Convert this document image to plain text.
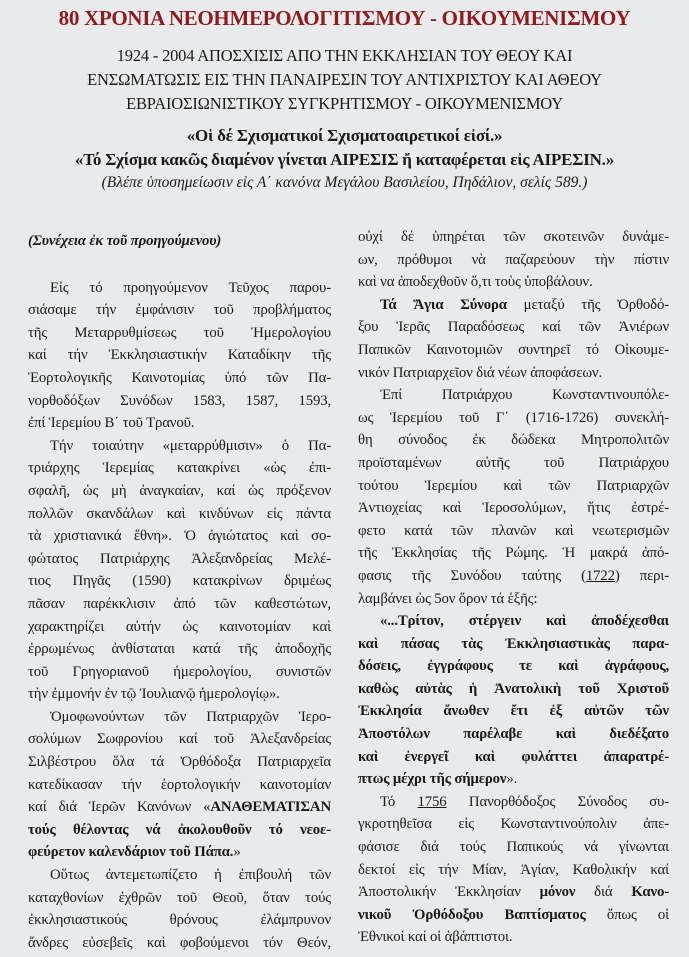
80 ΧΡΟΝΙΑ ΝΕΟΗΜΕΡΟΛΟΓΙΤΙΣΜΟΥ - ΟΙΚΟΥΜΕΝΙΣΜΟΥ
1924 - 2004 ΑΠΟΣΧΙΣΙΣ ΑΠΟ ΤΗΝ ΕΚΚΛΗΣΙΑΝ ΤΟΥ ΘΕΟΥ ΚΑΙ
ΕΝΣΩΜΑΤΩΣΙΣ ΕΙΣ ΤΗΝ ΠΑΝΑΙΡΕΣΙΝ ΤΟΥ ΑΝΤΙΧΡΙΣΤΟΥ ΚΑΙ ΑΘΕΟΥ
ΕΒΡΑΙΟΣΙΩΝΙΣΤΙΚΟΥ ΣΥΓΚΡΗΤΙΣΜΟΥ - ΟΙΚΟΥΜΕΝΙΣΜΟΥ
«Οἱ δέ Σχισματικοί Σχισματοαιρετικοί εἰσί.»
«Τό Σχίσμα κακῶς διαμένον γίνεται ΑΙΡΕΣΙΣ ἤ καταφέρεται εἰς ΑΙΡΕΣΙΝ.»
(Βλέπε ὑποσημείωσιν εἰς Α΄ κανόνα Μεγάλου Βασιλείου, Πηδάλιον, σελίς 589.)
(Συνέχεια ἐκ τοῦ προηγούμενου)
Εἰς τό προηγούμενον Τεῦχος παρου-
σιάσαμε τήν ἐμφάνισιν τοῦ προβλήματος
τῆς Μεταρρυθμίσεως τοῦ Ἡμερολογίου
καί τήν Ἐκκλησιαστικήν Καταδίκην τῆς
Ἑορτολογικῆς Καινοτομίας ὑπό τῶν Πα-
νορθοδόξων Συνόδων 1583, 1587, 1593,
ἐπί Ἱερεμίου Β΄ τοῦ Τρανοῦ.
Τήν τοιαύτην «μεταρρύθμισιν» ὁ Πα-
τριάρχης Ἱερεμίας κατακρίνει «ὡς ἐπι-
σφαλῆ, ὡς μὴ ἀναγκαίαν, καί ὡς πρόξενον
πολλῶν σκανδάλων καὶ κινδύνων εἰς πάντα
τὰ χριστιανικά ἔθνη». Ὁ ἁγιώτατος καὶ σο-
φώτατος Πατριάρχης Ἀλεξανδρείας Μελέ-
τιος Πηγᾶς (1590) κατακρίνων δριμέως
πᾶσαν παρέκκλισιν ἀπό τῶν καθεστώτων,
χαρακτηρίζει αὐτήν ὡς καινοτομίαν καὶ
ἐρρωμένως ἀνθίσταται κατά τῆς ἀποδοχῆς
τοῦ Γρηγοριανοῦ ἡμερολογίου, συνιστῶν
τὴν ἐμμονήν ἐν τῷ Ἰουλιανῷ ἡμερολογίῳ».
Ὁμοφωνούντων τῶν Πατριαρχῶν Ἱερο-
σολύμων Σωφρονίου καί τοῦ Ἀλεξανδρείας
Σιλβέστρου ὅλα τά Ὀρθόδοξα Πατριαρχεῖα
κατεδίκασαν τήν ἑορτολογικήν καινοτομίαν
καί διά Ἱερῶν Κανόνων «ΑΝΑΘΕΜΑΤΙΣΑΝ
τούς θέλοντας νά ἀκολουθοῦν τό νεοε-
φεύρετον καλενδάριον τοῦ Πάπα.»
Οὕτως ἀντεμετωπίζετο ἡ ἐπιβουλή τῶν
καταχθονίων ἐχθρῶν τοῦ Θεοῦ, ὅταν τούς
ἐκκλησιαστικούς θρόνους ἐλάμπρυνον
ἄνδρες εὐσεβεῖς καὶ φοβούμενοι τόν Θεόν,
οὐχί δέ ὑπηρέται τῶν σκοτεινῶν δυνάμε-
ων, πρόθυμοι νὰ παζαρεύουν τὴν πίστιν
καὶ να ἀποδεχθοῦν ὅ,τι τοὺς ὑποβάλουν.
Τά Ἅγια Σύνορα μεταξύ τῆς Ὀρθοδό-
ξου Ἱερᾶς Παραδόσεως καί τῶν Ἀνιέρων
Παπικῶν Καινοτομιῶν συντηρεῖ τό Οἰκουμε-
νικόν Πατριαρχεῖον διά νέων ἀποφάσεων.
Ἐπί Πατριάρχου Κωνσταντινουπόλε-
ως Ἱερεμίου τοῦ Γ΄ (1716-1726) συνεκλή-
θη σύνοδος ἐκ δώδεκα Μητροπολιτῶν
προϊσταμένων αὐτῆς τοῦ Πατριάρχου
τούτου Ἱερεμίου καὶ τῶν Πατριαρχῶν
Ἀντιοχείας καὶ Ἱεροσολύμων, ἥτις ἐστρέ-
φετο κατά τῶν πλανῶν καὶ νεωτερισμῶν
τῆς Ἐκκλησίας τῆς Ρώμης. Ἡ μακρά ἀπό-
φασις τῆς Συνόδου ταύτης (1722) περι-
λαμβάνει ὡς 5ον ὅρον τά ἑξῆς:
«...Τρίτον, στέργειν καὶ ἀποδέχεσθαι
καὶ πάσας τὰς Ἐκκλησιαστικὰς παρα-
δόσεις, ἐγγράφους τε καὶ ἀγράφους,
καθὼς αὐτὰς ἡ Ἀνατολικὴ τοῦ Χριστοῦ
Ἐκκλησία ἄνωθεν ἔτι ἐξ αὐτῶν τῶν
Ἀποστόλων παρέλαβε καὶ διεδέξατο
καὶ ἐνεργεῖ καὶ φυλάττει ἀπαρατρέ-
πτως μέχρι τῆς σήμερον».
Τό 1756 Πανορθόδοξος Σύνοδος συ-
γκροτηθεῖσα εἰς Κωνσταντινούπολιν ἀπε-
φάσισε διά τούς Παπικούς νά γίνωνται
δεκτοί εἰς τήν Μίαν, Ἁγίαν, Καθολικήν καί
Ἀποστολικήν Ἐκκλησίαν μόνον διά Κανο-
νικοῦ Ὀρθόδοξου Βαπτίσματος ὅπως οἱ
Ἐθνικοί καί οἱ ἀβάπτιστοι.
